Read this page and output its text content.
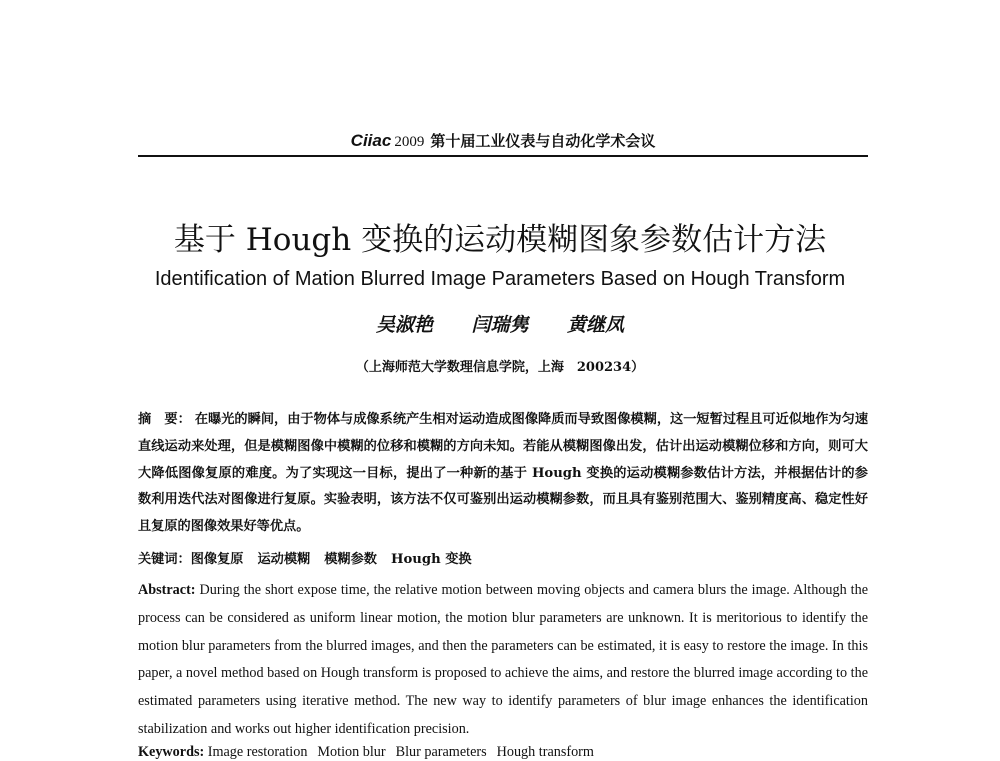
Ciiac 2009 第十届工业仪表与自动化学术会议
基于 Hough 变换的运动模糊图象参数估计方法
Identification of Mation Blurred Image Parameters Based on Hough Transform
吴淑艳 闫瑞隽 黄继凤
（上海师范大学数理信息学院，上海　200234）
摘　要： 在曝光的瞬间，由于物体与成像系统产生相对运动造成图像降质而导致图像模糊，这一短暂过程且可近似地作为匀速直线运动来处理，但是模糊图像中模糊的位移和模糊的方向未知。若能从模糊图像出发，估计出运动模糊位移和方向，则可大大降低图像复原的难度。为了实现这一目标，提出了一种新的基于 Hough 变换的运动模糊参数估计方法，并根据估计的参数利用迭代法对图像进行复原。实验表明，该方法不仅可鉴别出运动模糊参数，而且具有鉴别范围大、鉴别精度高、稳定性好且复原的图像效果好等优点。
关键词：图像复原 运动模糊 模糊参数 Hough 变换
Abstract: During the short expose time, the relative motion between moving objects and camera blurs the image. Although the process can be considered as uniform linear motion, the motion blur parameters are unknown. It is meritorious to identify the motion blur parameters from the blurred images, and then the parameters can be estimated, it is easy to restore the image. In this paper, a novel method based on Hough transform is proposed to achieve the aims, and restore the blurred image according to the estimated parameters using iterative method. The new way to identify parameters of blur image enhances the identification stabilization and works out higher identification precision.
Keywords: Image restoration Motion blur Blur parameters Hough transform
